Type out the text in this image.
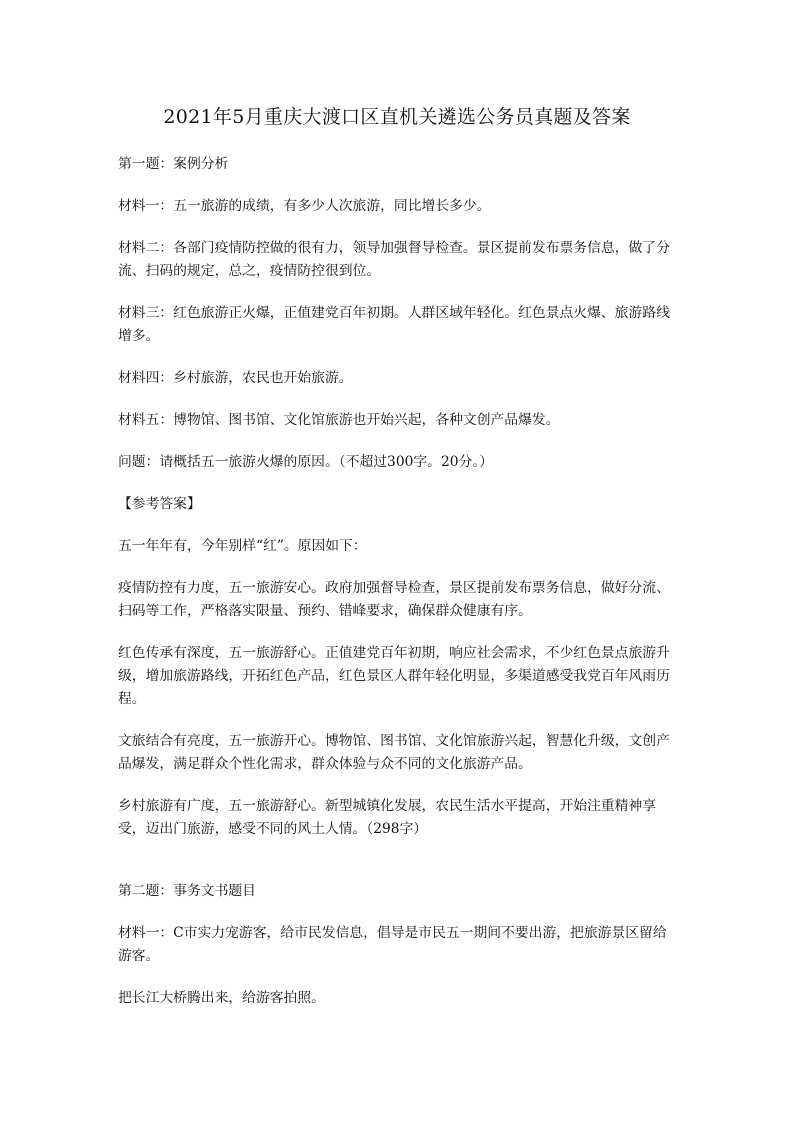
2021年5月重庆大渡口区直机关遴选公务员真题及答案

第一题：案例分析

材料一：五一旅游的成绩，有多少人次旅游，同比增长多少。

材料二：各部门疫情防控做的很有力，领导加强督导检查。景区提前发布票务信息，做了分流、扫码的规定，总之，疫情防控很到位。

材料三：红色旅游正火爆，正值建党百年初期。人群区域年轻化。红色景点火爆、旅游路线增多。

材料四：乡村旅游，农民也开始旅游。

材料五：博物馆、图书馆、文化馆旅游也开始兴起，各种文创产品爆发。

问题：请概括五一旅游火爆的原因。（不超过300字。20分。）

【参考答案】

五一年年有，今年别样“红”。原因如下：

疫情防控有力度，五一旅游安心。政府加强督导检查，景区提前发布票务信息，做好分流、扫码等工作，严格落实限量、预约、错峰要求，确保群众健康有序。

红色传承有深度，五一旅游舒心。正值建党百年初期，响应社会需求，不少红色景点旅游升级，增加旅游路线，开拓红色产品，红色景区人群年轻化明显，多渠道感受我党百年风雨历程。

文旅结合有亮度，五一旅游开心。博物馆、图书馆、文化馆旅游兴起，智慧化升级，文创产品爆发，满足群众个性化需求，群众体验与众不同的文化旅游产品。

乡村旅游有广度，五一旅游舒心。新型城镇化发展，农民生活水平提高，开始注重精神享受，迈出门旅游，感受不同的风土人情。（298字）

第二题：事务文书题目

材料一：C市实力宠游客，给市民发信息，倡导是市民五一期间不要出游，把旅游景区留给游客。

把长江大桥腾出来，给游客拍照。
